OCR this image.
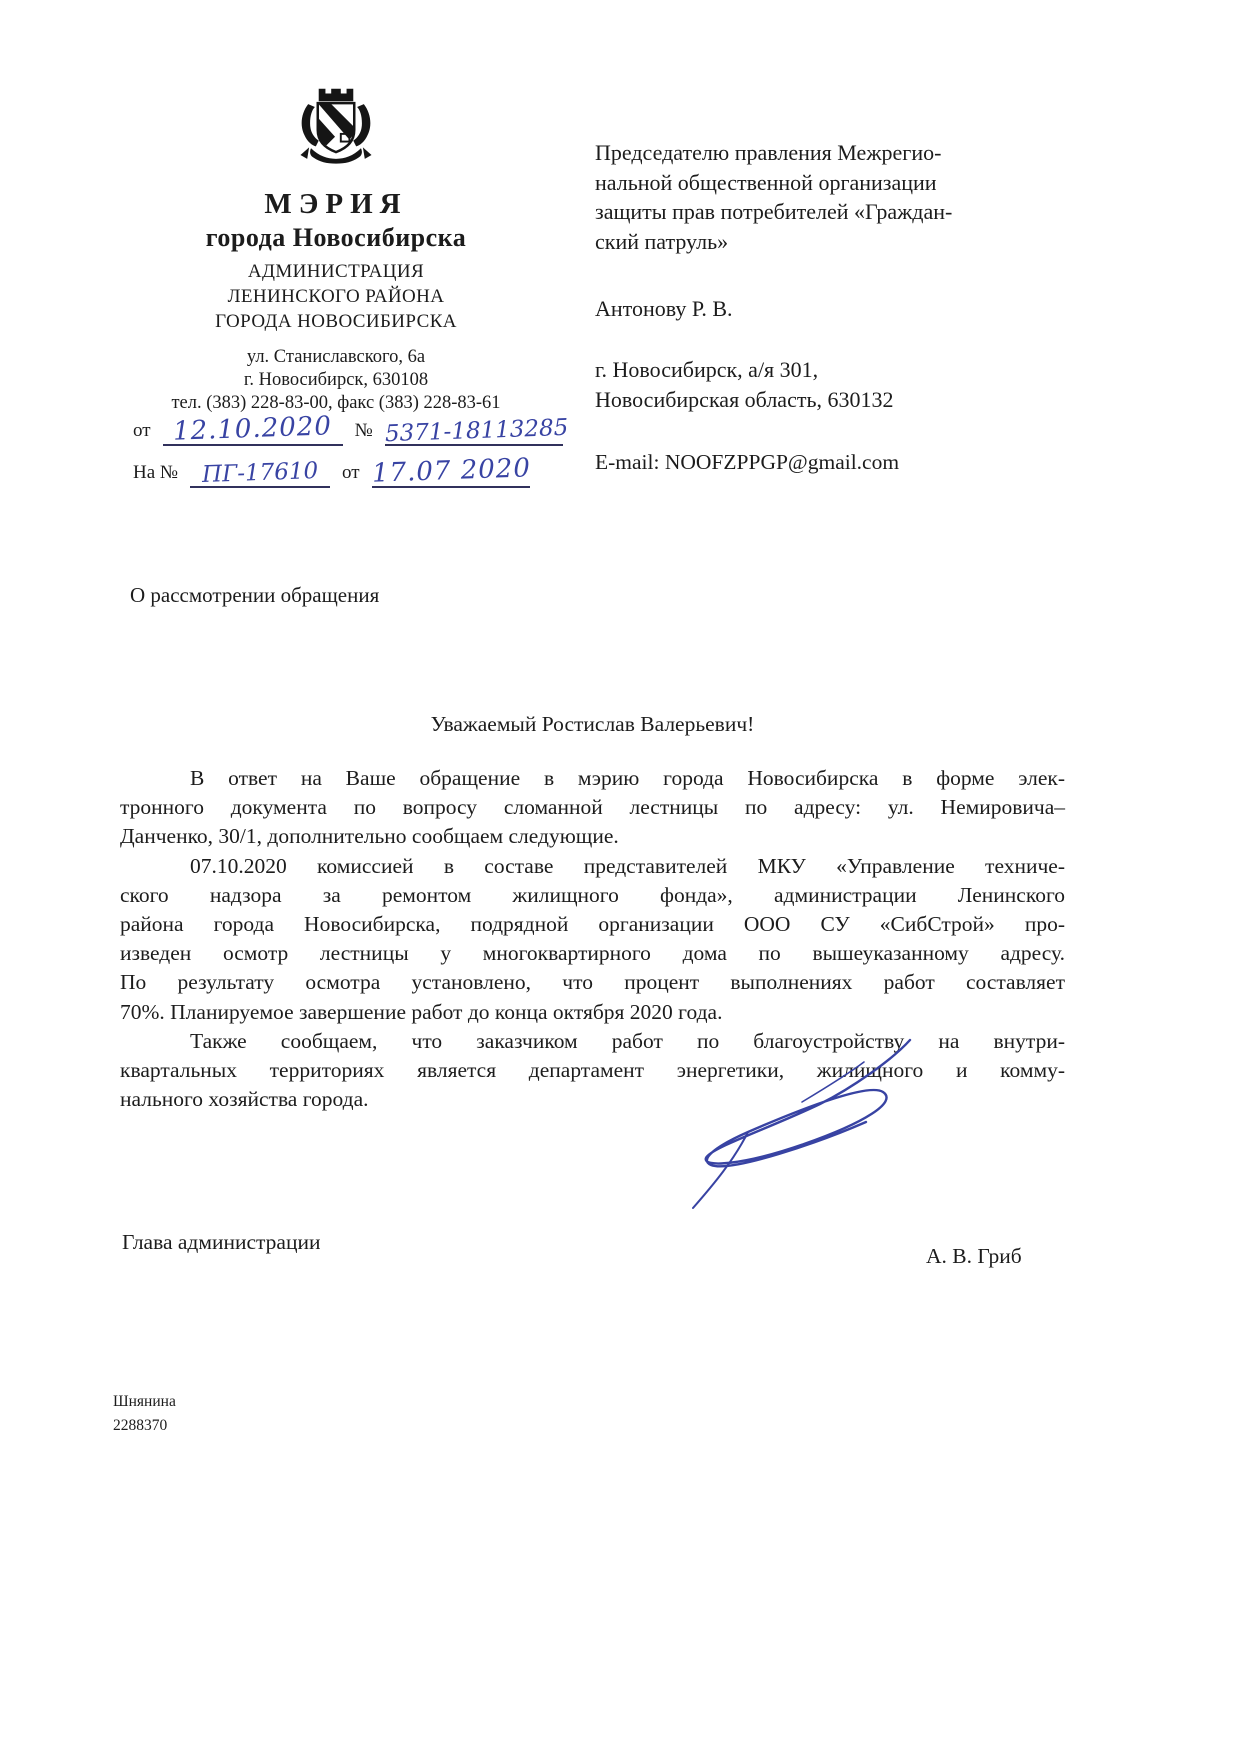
МЭРИЯ
города Новосибирска
АДМИНИСТРАЦИЯ
ЛЕНИНСКОГО РАЙОНА
ГОРОДА НОВОСИБИРСКА
ул. Станиславского, 6а
г. Новосибирск, 630108
тел. (383) 228-83-00, факс (383) 228-83-61
от 12.10.2020	№ 5371-18113285
На №	ПГ-17610	от 17.07 2020
Председателю правления Межрегио-
нальной общественной организации
защиты прав потребителей «Граждан-
ский патруль»
Антонову Р. В.
г. Новосибирск, а/я 301,
Новосибирская область, 630132
E-mail: NOOFZPPGP@gmail.com
О рассмотрении обращения
Уважаемый Ростислав Валерьевич!
В ответ на Ваше обращение в мэрию города Новосибирска в форме элек-
тронного документа по вопросу сломанной лестницы по адресу: ул. Немировича–
Данченко, 30/1, дополнительно сообщаем следующие.
07.10.2020 комиссией в составе представителей МКУ «Управление техниче-
ского надзора за ремонтом жилищного фонда», администрации Ленинского
района города Новосибирска, подрядной организации ООО СУ «СибСтрой» про-
изведен осмотр лестницы у многоквартирного дома по вышеуказанному адресу.
По результату осмотра установлено, что процент выполнениях работ составляет
70%. Планируемое завершение работ до конца октября 2020 года.
Также сообщаем, что заказчиком работ по благоустройству на внутри-
квартальных территориях является департамент энергетики, жилищного и комму-
нального хозяйства города.
Глава администрации
А. В. Гриб
Шнянина
2288370
